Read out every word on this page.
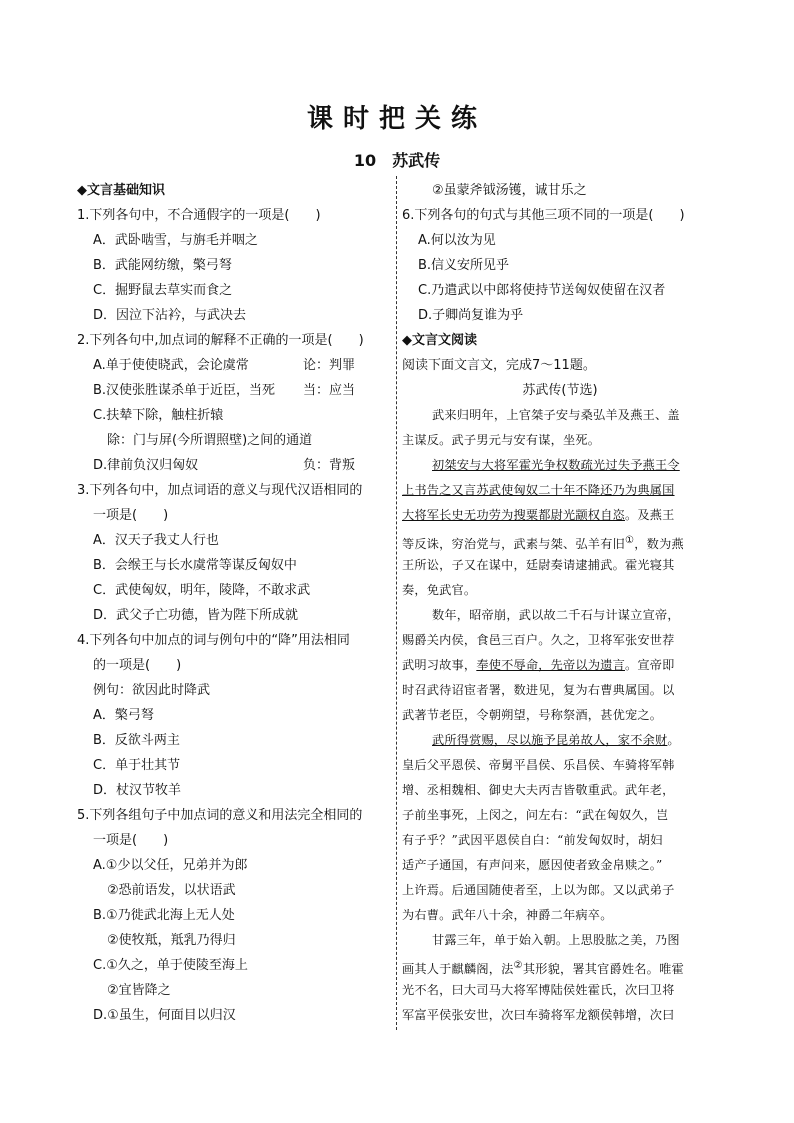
课时把关练
10　苏武传
◆文言基础知识
1.下列各句中，不合通假字的一项是(　　)
A．武卧啮雪，与旃毛并咽之
B．武能网纺缴，檠弓弩
C．掘野鼠去草实而食之
D．因泣下沾衿，与武决去
2.下列各句中,加点词的解释不正确的一项是(　　)
A.单于使使晓武，会论虞常	论：判罪
B.汉使张胜谋杀单于近臣，当死	当：应当
C.扶辇下除，触柱折辕
除：门与屏(今所谓照壁)之间的通道
D.律前负汉归匈奴	负：背叛
3.下列各句中，加点词语的意义与现代汉语相同的
一项是(　　)
A．汉天子我丈人行也
B．会缑王与长水虞常等谋反匈奴中
C．武使匈奴，明年，陵降，不敢求武
D．武父子亡功德，皆为陛下所成就
4.下列各句中加点的词与例句中的“降”用法相同
的一项是(　　)
例句：欲因此时降武
A．檠弓弩
B．反欲斗两主
C．单于壮其节
D．杖汉节牧羊
5.下列各组句子中加点词的意义和用法完全相同的
一项是(　　)
A.①少以父任，兄弟并为郎
②恐前语发，以状语武
B.①乃徙武北海上无人处
②使牧羝，羝乳乃得归
C.①久之，单于使陵至海上
②宜皆降之
D.①虽生，何面目以归汉
②虽蒙斧钺汤镬，诚甘乐之
6.下列各句的句式与其他三项不同的一项是(　　)
A.何以汝为见
B.信义安所见乎
C.乃遣武以中郎将使持节送匈奴使留在汉者
D.子卿尚复谁为乎
◆文言文阅读
阅读下面文言文，完成7～11题。
苏武传(节选)
武来归明年，上官桀子安与桑弘羊及燕王、盖
主谋反。武子男元与安有谋，坐死。
初桀安与大将军霍光争权数疏光过失予燕王令
上书告之又言苏武使匈奴二十年不降还乃为典属国
大将军长史无功劳为搜粟都尉光颛权自恣。及燕王
等反诛，穷治党与，武素与桀、弘羊有旧①，数为燕
王所讼，子又在谋中，廷尉奏请逮捕武。霍光寝其
奏，免武官。
数年，昭帝崩，武以故二千石与计谋立宣帝，
赐爵关内侯，食邑三百户。久之，卫将军张安世荐
武明习故事，奉使不辱命，先帝以为遗言。宣帝即
时召武待诏宦者署，数进见，复为右曹典属国。以
武著节老臣，令朝朔望，号称祭酒，甚优宠之。
武所得赏赐，尽以施予昆弟故人，家不余财。
皇后父平恩侯、帝舅平昌侯、乐昌侯、车骑将军韩
增、丞相魏相、御史大夫丙吉皆敬重武。武年老，
子前坐事死，上闵之，问左右：“武在匈奴久，岂
有子乎？”武因平恩侯自白：“前发匈奴时，胡妇
适产子通国，有声问来，愿因使者致金帛赎之。”
上许焉。后通国随使者至，上以为郎。又以武弟子
为右曹。武年八十余，神爵二年病卒。
甘露三年，单于始入朝。上思股肱之美，乃图
画其人于麒麟阁，法②其形貌，署其官爵姓名。唯霍
光不名，曰大司马大将军博陆侯姓霍氏，次曰卫将
军富平侯张安世，次曰车骑将军龙额侯韩增，次曰
